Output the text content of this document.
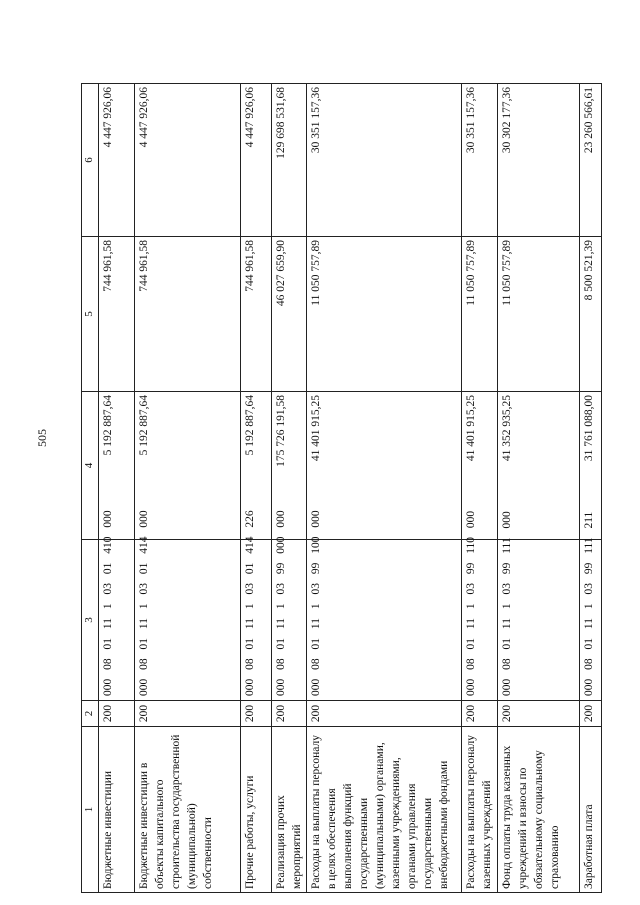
505
1	2	3	4	5	6
Бюджетные инвестиции	200	000 08 01 11 1 03 01 410 000	5 192 887,64	744 961,58	4 447 926,06
Бюджетные инвестиции в объекты капитального строительства государственной (муниципальной) собственности	200	000 08 01 11 1 03 01 414 000	5 192 887,64	744 961,58	4 447 926,06
Прочие работы, услуги	200	000 08 01 11 1 03 01 414 226	5 192 887,64	744 961,58	4 447 926,06
Реализация прочих мероприятий	200	000 08 01 11 1 03 99 000 000	175 726 191,58	46 027 659,90	129 698 531,68
Расходы на выплаты персоналу в целях обеспечения выполнения функций государственными (муниципальными) органами, казенными учреждениями, органами управления государственными внебюджетными фондами	200	000 08 01 11 1 03 99 100 000	41 401 915,25	11 050 757,89	30 351 157,36
Расходы на выплаты персоналу казенных учреждений	200	000 08 01 11 1 03 99 110 000	41 401 915,25	11 050 757,89	30 351 157,36
Фонд оплаты труда казенных учреждений и взносы по обязательному социальному страхованию	200	000 08 01 11 1 03 99 111 000	41 352 935,25	11 050 757,89	30 302 177,36
Заработная плата	200	000 08 01 11 1 03 99 111 211	31 761 088,00	8 500 521,39	23 260 566,61
